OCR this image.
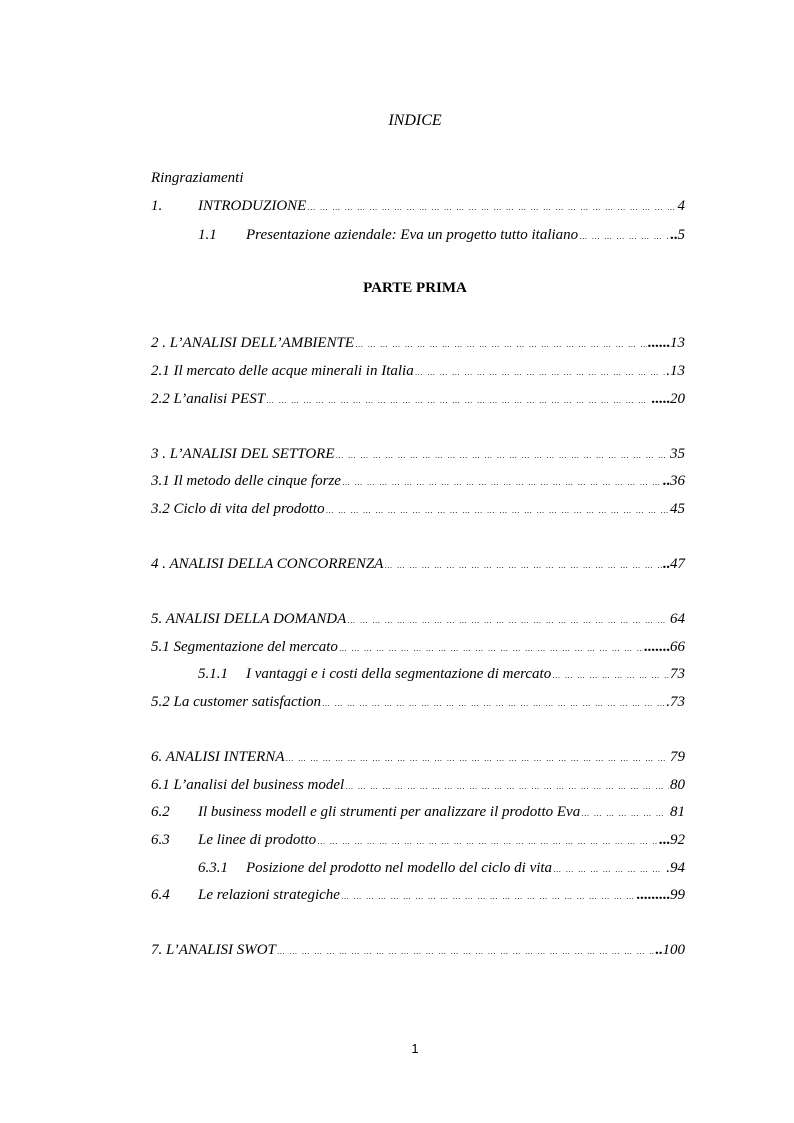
INDICE
Ringraziamenti
1.	INTRODUZIONE … … … … … … … … … … … … … … … … … … … … … … … … … … … … … … … … … … … … … … … … … … … … … … … … … … … … … … … … … … … … … … … … … …	4
1.1	Presentazione aziendale: Eva un progetto tutto italiano … … … … … … … … … … … … … … … … … … … … … … … … … … … … … … … … … … … … … … … … … … … … … … … … … … … … … … … … … … … … … … … … … …	..5
PARTE PRIMA
2 . L’ANALISI DELL’AMBIENTE … … … … … … … … … … … … … … … … … … … … … … … … … … … … … … … … … … … … … … … … … … … … … … … … … … … … … … … … … … … … … … … … … …	......13
2.1 Il mercato delle acque minerali in Italia … … … … … … … … … … … … … … … … … … … … … … … … … … … … … … … … … … … … … … … … … … … … … … … … … … … … … … … … … … … … … … … … … …	.13
2.2 L’analisi PEST … … … … … … … … … … … … … … … … … … … … … … … … … … … … … … … … … … … … … … … … … … … … … … … … … … … … … … … … … … … … … … … … … …	.....20
3 . L’ANALISI DEL SETTORE … … … … … … … … … … … … … … … … … … … … … … … … … … … … … … … … … … … … … … … … … … … … … … … … … … … … … … … … … … … … … … … … … …	35
3.1 Il metodo delle cinque forze … … … … … … … … … … … … … … … … … … … … … … … … … … … … … … … … … … … … … … … … … … … … … … … … … … … … … … … … … … … … … … … … … …	..36
3.2 Ciclo di vita del prodotto … … … … … … … … … … … … … … … … … … … … … … … … … … … … … … … … … … … … … … … … … … … … … … … … … … … … … … … … … … … … … … … … … …	45
4 . ANALISI DELLA CONCORRENZA … … … … … … … … … … … … … … … … … … … … … … … … … … … … … … … … … … … … … … … … … … … … … … … … … … … … … … … … … … … … … … … … … …	..47
5. ANALISI DELLA DOMANDA … … … … … … … … … … … … … … … … … … … … … … … … … … … … … … … … … … … … … … … … … … … … … … … … … … … … … … … … … … … … … … … … … …	64
5.1 Segmentazione del mercato … … … … … … … … … … … … … … … … … … … … … … … … … … … … … … … … … … … … … … … … … … … … … … … … … … … … … … … … … … … … … … … … … …	.......66
5.1.1	I vantaggi e i costi della segmentazione di mercato … … … … … … … … … … … … … … … … … … … … … … … … … … … … … … … … … … … … … … … … … … … … … … … … … … … … … … … … … … … … … … … … … …	73
5.2 La customer satisfaction … … … … … … … … … … … … … … … … … … … … … … … … … … … … … … … … … … … … … … … … … … … … … … … … … … … … … … … … … … … … … … … … … …	.73
6. ANALISI INTERNA … … … … … … … … … … … … … … … … … … … … … … … … … … … … … … … … … … … … … … … … … … … … … … … … … … … … … … … … … … … … … … … … … …	79
6.1 L’analisi del business model … … … … … … … … … … … … … … … … … … … … … … … … … … … … … … … … … … … … … … … … … … … … … … … … … … … … … … … … … … … … … … … … … …	80
6.2	Il business modell e gli strumenti per analizzare il prodotto Eva … … … … … … … … … … … … … … … … … … … … … … … … … … … … … … … … … … … … … … … … … … … … … … … … … … … … … … … … … … … … … … … … … …	81
6.3	Le linee di prodotto … … … … … … … … … … … … … … … … … … … … … … … … … … … … … … … … … … … … … … … … … … … … … … … … … … … … … … … … … … … … … … … … … …	...92
6.3.1	Posizione del prodotto nel modello del ciclo di vita … … … … … … … … … … … … … … … … … … … … … … … … … … … … … … … … … … … … … … … … … … … … … … … … … … … … … … … … … … … … … … … … … …	.94
6.4	Le relazioni strategiche … … … … … … … … … … … … … … … … … … … … … … … … … … … … … … … … … … … … … … … … … … … … … … … … … … … … … … … … … … … … … … … … … …	.........99
7. L’ANALISI SWOT … … … … … … … … … … … … … … … … … … … … … … … … … … … … … … … … … … … … … … … … … … … … … … … … … … … … … … … … … … … … … … … … … …	..100
1
